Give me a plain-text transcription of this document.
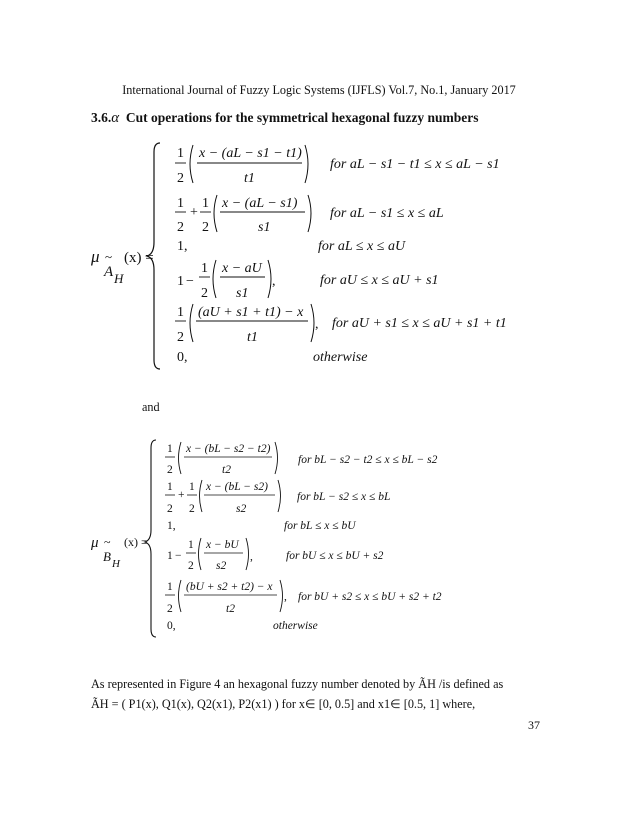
International Journal of Fuzzy Logic Systems (IJFLS) Vol.7, No.1, January 2017
3.6.α Cut operations for the symmetrical hexagonal fuzzy numbers
μ ~
A H
(x) =
1
2
x − (aL − s1 − t1)
t1
for aL − s1 − t1 ≤ x ≤ aL − s1
1
2
+
1
2
x − (aL − s1)
s1
for aL − s1 ≤ x ≤ aL
1,	for aL ≤ x ≤ aU
1 −
1
2
x − aU
s1
,	for aU ≤ x ≤ aU + s1
1
2
(aU + s1 + t1) − x
t1
, for aU + s1 ≤ x ≤ aU + s1 + t1
0,	otherwise
and
μ ~
B H
(x) =
1
2
x − (bL − s2 − t2)
t2
for bL − s2 − t2 ≤ x ≤ bL − s2
1
2
+
1
2
x − (bL − s2)
s2
for bL − s2 ≤ x ≤ bL
1,	for bL ≤ x ≤ bU
1 −
1
2
x − bU
s2
,	for bU ≤ x ≤ bU + s2
1
2
(bU + s2 + t2) − x
t2
, for bU + s2 ≤ x ≤ bU + s2 + t2
0,	otherwise
As represented in Figure 4 an hexagonal fuzzy number denoted by ÃH /is defined as
ÃH = ( P1(x), Q1(x), Q2(x1), P2(x1) ) for x∈ [0, 0.5] and x1∈ [0.5, 1] where,
37
